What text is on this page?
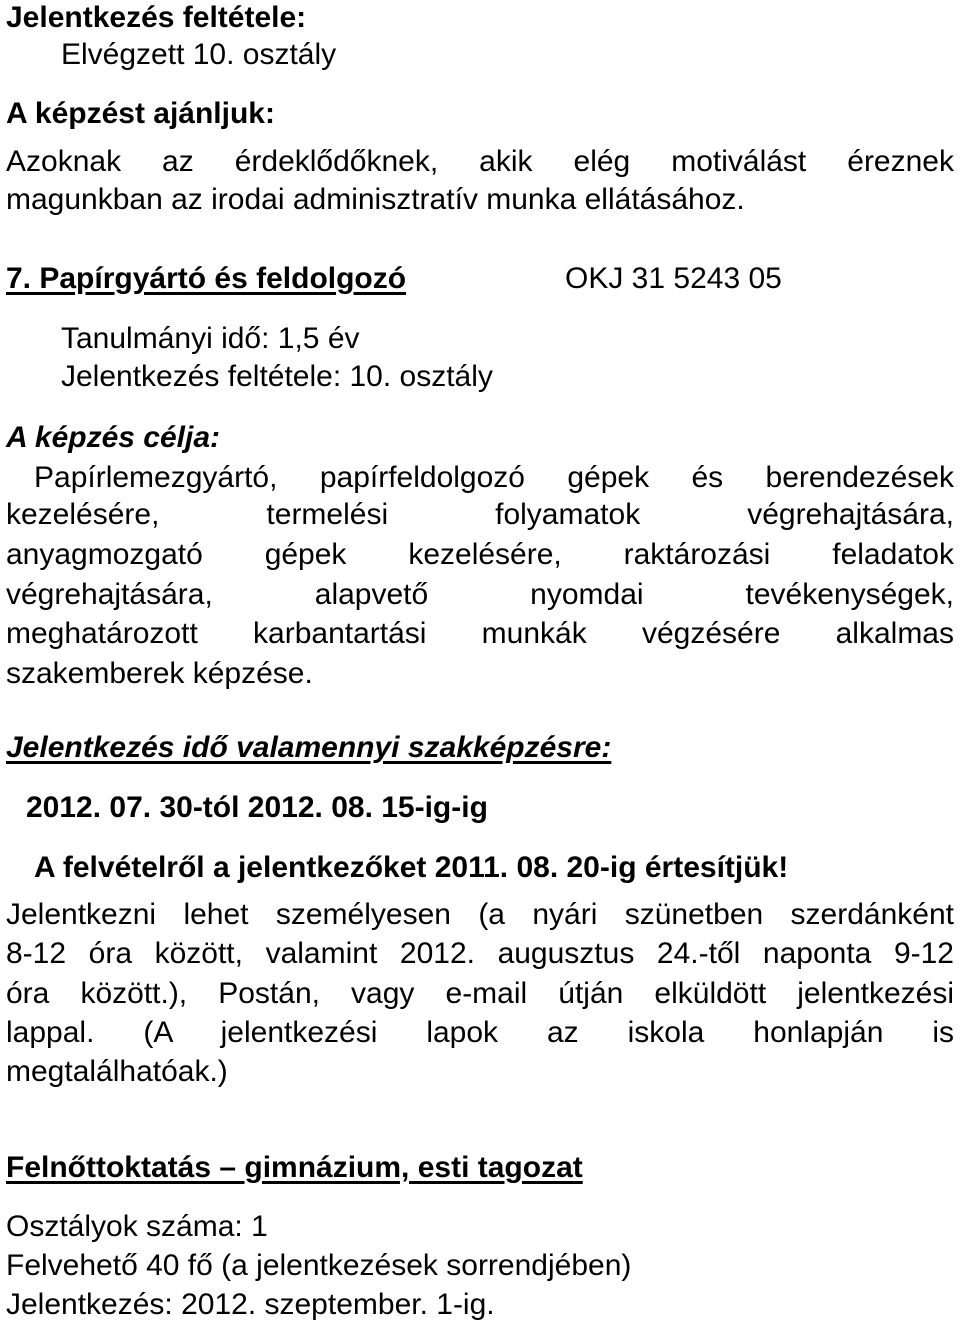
Jelentkezés feltétele:

Elvégzett 10. osztály

A képzést ajánljuk:

Azoknak az érdeklődőknek, akik elég motiválást éreznek

magunkban az irodai adminisztratív munka ellátásához.

7. Papírgyártó és feldolgozó	OKJ 31 5243 05

Tanulmányi idő: 1,5 év

Jelentkezés feltétele: 10. osztály

A képzés célja:

Papírlemezgyártó, papírfeldolgozó gépek és berendezések

kezelésére, termelési folyamatok végrehajtására,

anyagmozgató gépek kezelésére, raktározási feladatok

végrehajtására, alapvető nyomdai tevékenységek,

meghatározott karbantartási munkák végzésére alkalmas

szakemberek képzése.

Jelentkezés idő valamennyi szakképzésre:

2012. 07. 30-tól 2012. 08. 15-ig-ig

A felvételről a jelentkezőket 2011. 08. 20-ig értesítjük!

Jelentkezni lehet személyesen (a nyári szünetben szerdánként

8-12 óra között, valamint 2012. augusztus 24.-től naponta 9-12

óra között.), Postán, vagy e-mail útján elküldött jelentkezési

lappal. (A jelentkezési lapok az iskola honlapján is

megtalálhatóak.)

Felnőttoktatás – gimnázium, esti tagozat

Osztályok száma: 1

Felvehető 40 fő (a jelentkezések sorrendjében)

Jelentkezés: 2012. szeptember. 1-ig.
